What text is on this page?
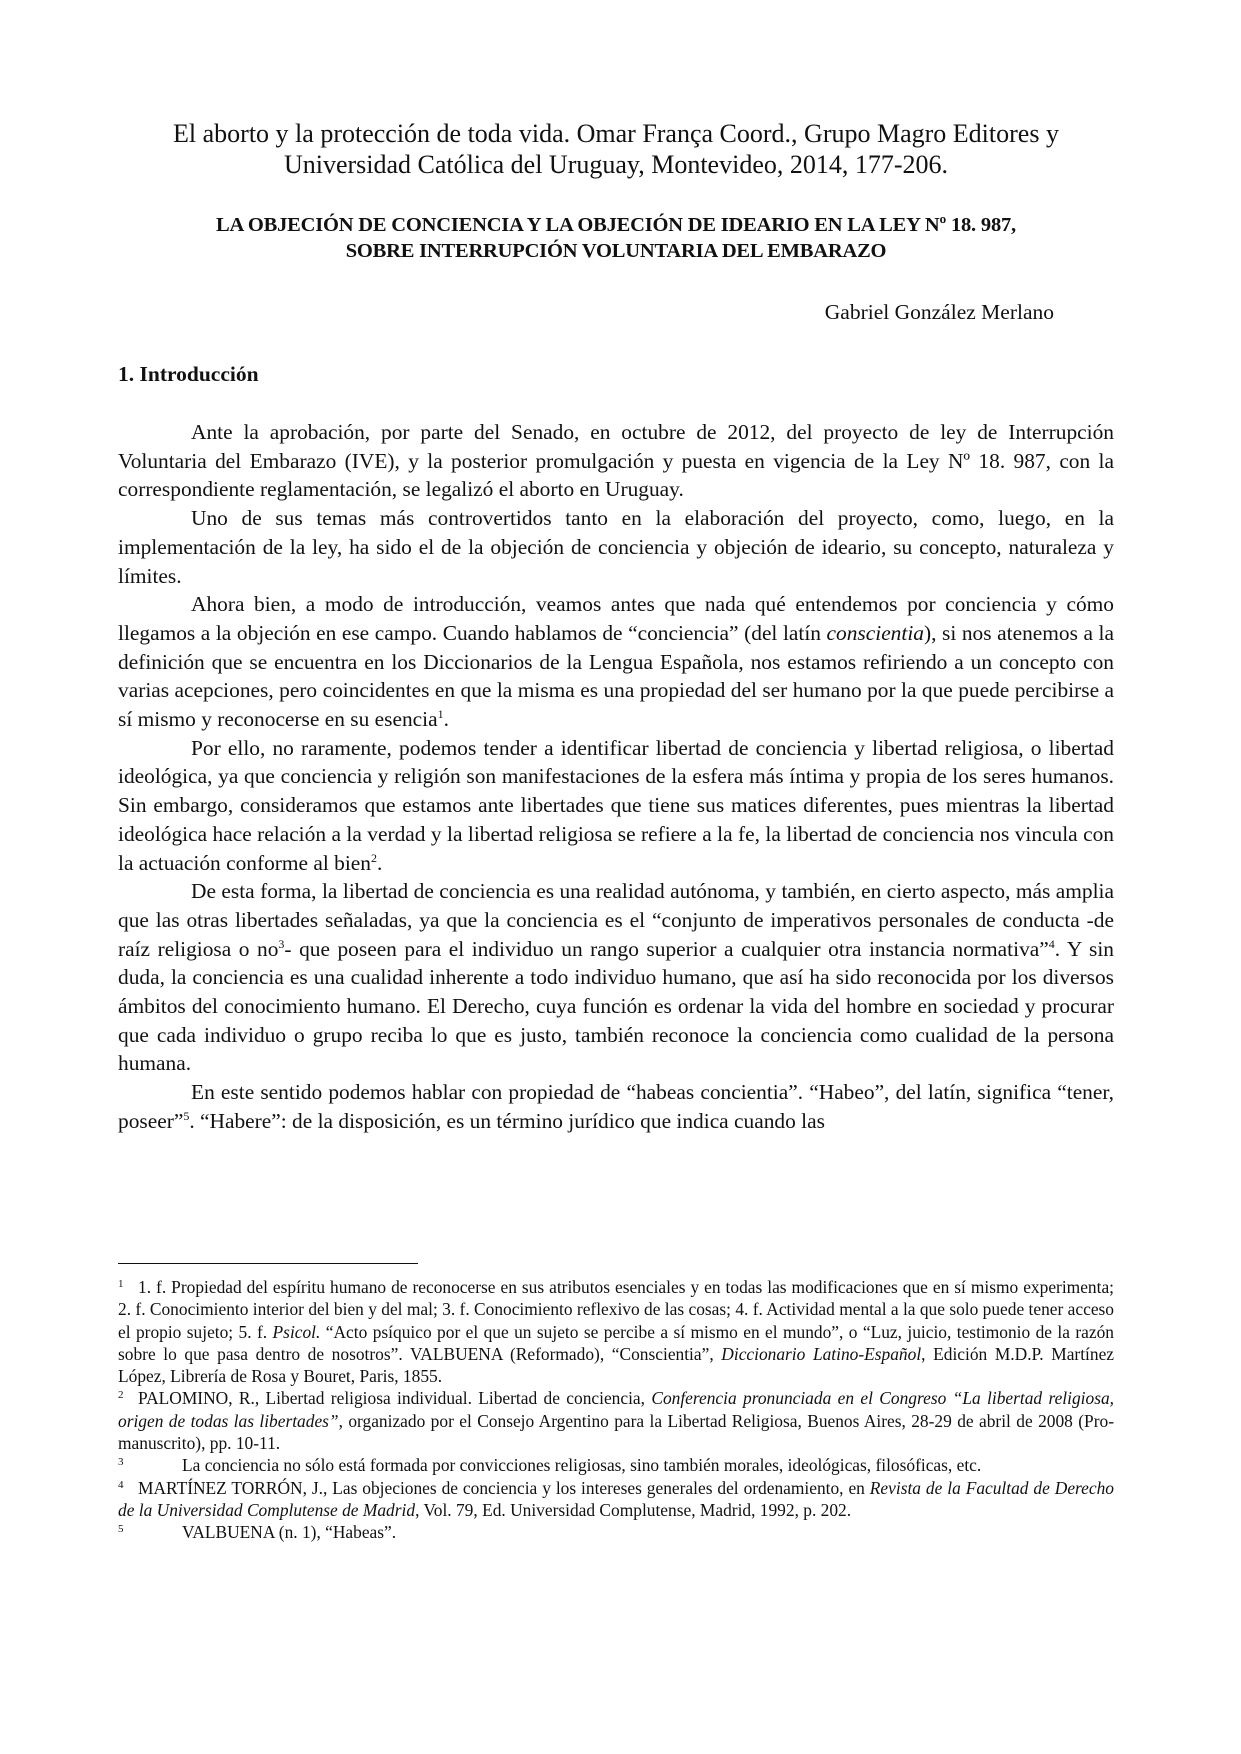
El aborto y la protección de toda vida. Omar França Coord., Grupo Magro Editores y
Universidad Católica del Uruguay, Montevideo, 2014, 177-206.
LA OBJECIÓN DE CONCIENCIA Y LA OBJECIÓN DE IDEARIO EN LA LEY Nº 18. 987,
SOBRE INTERRUPCIÓN VOLUNTARIA DEL EMBARAZO
Gabriel González Merlano
1. Introducción

Ante la aprobación, por parte del Senado, en octubre de 2012, del proyecto de ley de Interrupción Voluntaria del Embarazo (IVE), y la posterior promulgación y puesta en vigencia de la Ley Nº 18. 987, con la correspondiente reglamentación, se legalizó el aborto en Uruguay.

Uno de sus temas más controvertidos tanto en la elaboración del proyecto, como, luego, en la implementación de la ley, ha sido el de la objeción de conciencia y objeción de ideario, su concepto, naturaleza y límites.

Ahora bien, a modo de introducción, veamos antes que nada qué entendemos por conciencia y cómo llegamos a la objeción en ese campo. Cuando hablamos de “conciencia” (del latín conscientia), si nos atenemos a la definición que se encuentra en los Diccionarios de la Lengua Española, nos estamos refiriendo a un concepto con varias acepciones, pero coincidentes en que la misma es una propiedad del ser humano por la que puede percibirse a sí mismo y reconocerse en su esencia$^1$.

Por ello, no raramente, podemos tender a identificar libertad de conciencia y libertad religiosa, o libertad ideológica, ya que conciencia y religión son manifestaciones de la esfera más íntima y propia de los seres humanos. Sin embargo, consideramos que estamos ante libertades que tiene sus matices diferentes, pues mientras la libertad ideológica hace relación a la verdad y la libertad religiosa se refiere a la fe, la libertad de conciencia nos vincula con la actuación conforme al bien$^2$.

De esta forma, la libertad de conciencia es una realidad autónoma, y también, en cierto aspecto, más amplia que las otras libertades señaladas, ya que la conciencia es el “conjunto de imperativos personales de conducta -de raíz religiosa o $no^3-$ que poseen para el individuo un rango superior a cualquier otra instancia normativa”$^4$. Y sin duda, la conciencia es una cualidad inherente a todo individuo humano, que así ha sido reconocida por los diversos ámbitos del conocimiento humano. El Derecho, cuya función es ordenar la vida del hombre en sociedad y procurar que cada individuo o grupo reciba lo que es justo, también reconoce la conciencia como cualidad de la persona humana.

En este sentido podemos hablar con propiedad de “habeas concientia”. “Habeo”, del latín, significa “tener, poseer”$^5$. “Habere”: de la disposición, es un término jurídico que indica cuando las

1 1. f. Propiedad del espíritu humano de reconocerse en sus atributos esenciales y en todas las modificaciones que en sí mismo experimenta; 2. f. Conocimiento interior del bien y del mal; 3. f. Conocimiento reflexivo de las cosas; 4. f. Actividad mental a la que solo puede tener acceso el propio sujeto; 5. f. Psicol. “Acto psíquico por el que un sujeto se percibe a sí mismo en el mundo”, o “Luz, juicio, testimonio de la razón sobre lo que pasa dentro de nosotros”. VALBUENA (Reformado), “Conscientia”, Diccionario Latino-Español, Edición M.D.P. Martínez López, Librería de Rosa y Bouret, Paris, 1855.

2 PALOMINO, R., Libertad religiosa individual. Libertad de conciencia, Conferencia pronunciada en el Congreso “La libertad religiosa, origen de todas las libertades”, organizado por el Consejo Argentino para la Libertad Religiosa, Buenos Aires, 28-29 de abril de 2008 (Pro-manuscrito), pp. 10-11.

3	La conciencia no sólo está formada por convicciones religiosas, sino también morales, ideológicas, filosóficas, etc.

4 MARTÍNEZ TORRÓN, J., Las objeciones de conciencia y los intereses generales del ordenamiento, en Revista de la Facultad de Derecho de la Universidad Complutense de Madrid, Vol. 79, Ed. Universidad Complutense, Madrid, 1992, p. 202.

5	VALBUENA (n. 1), “Habeas”.
